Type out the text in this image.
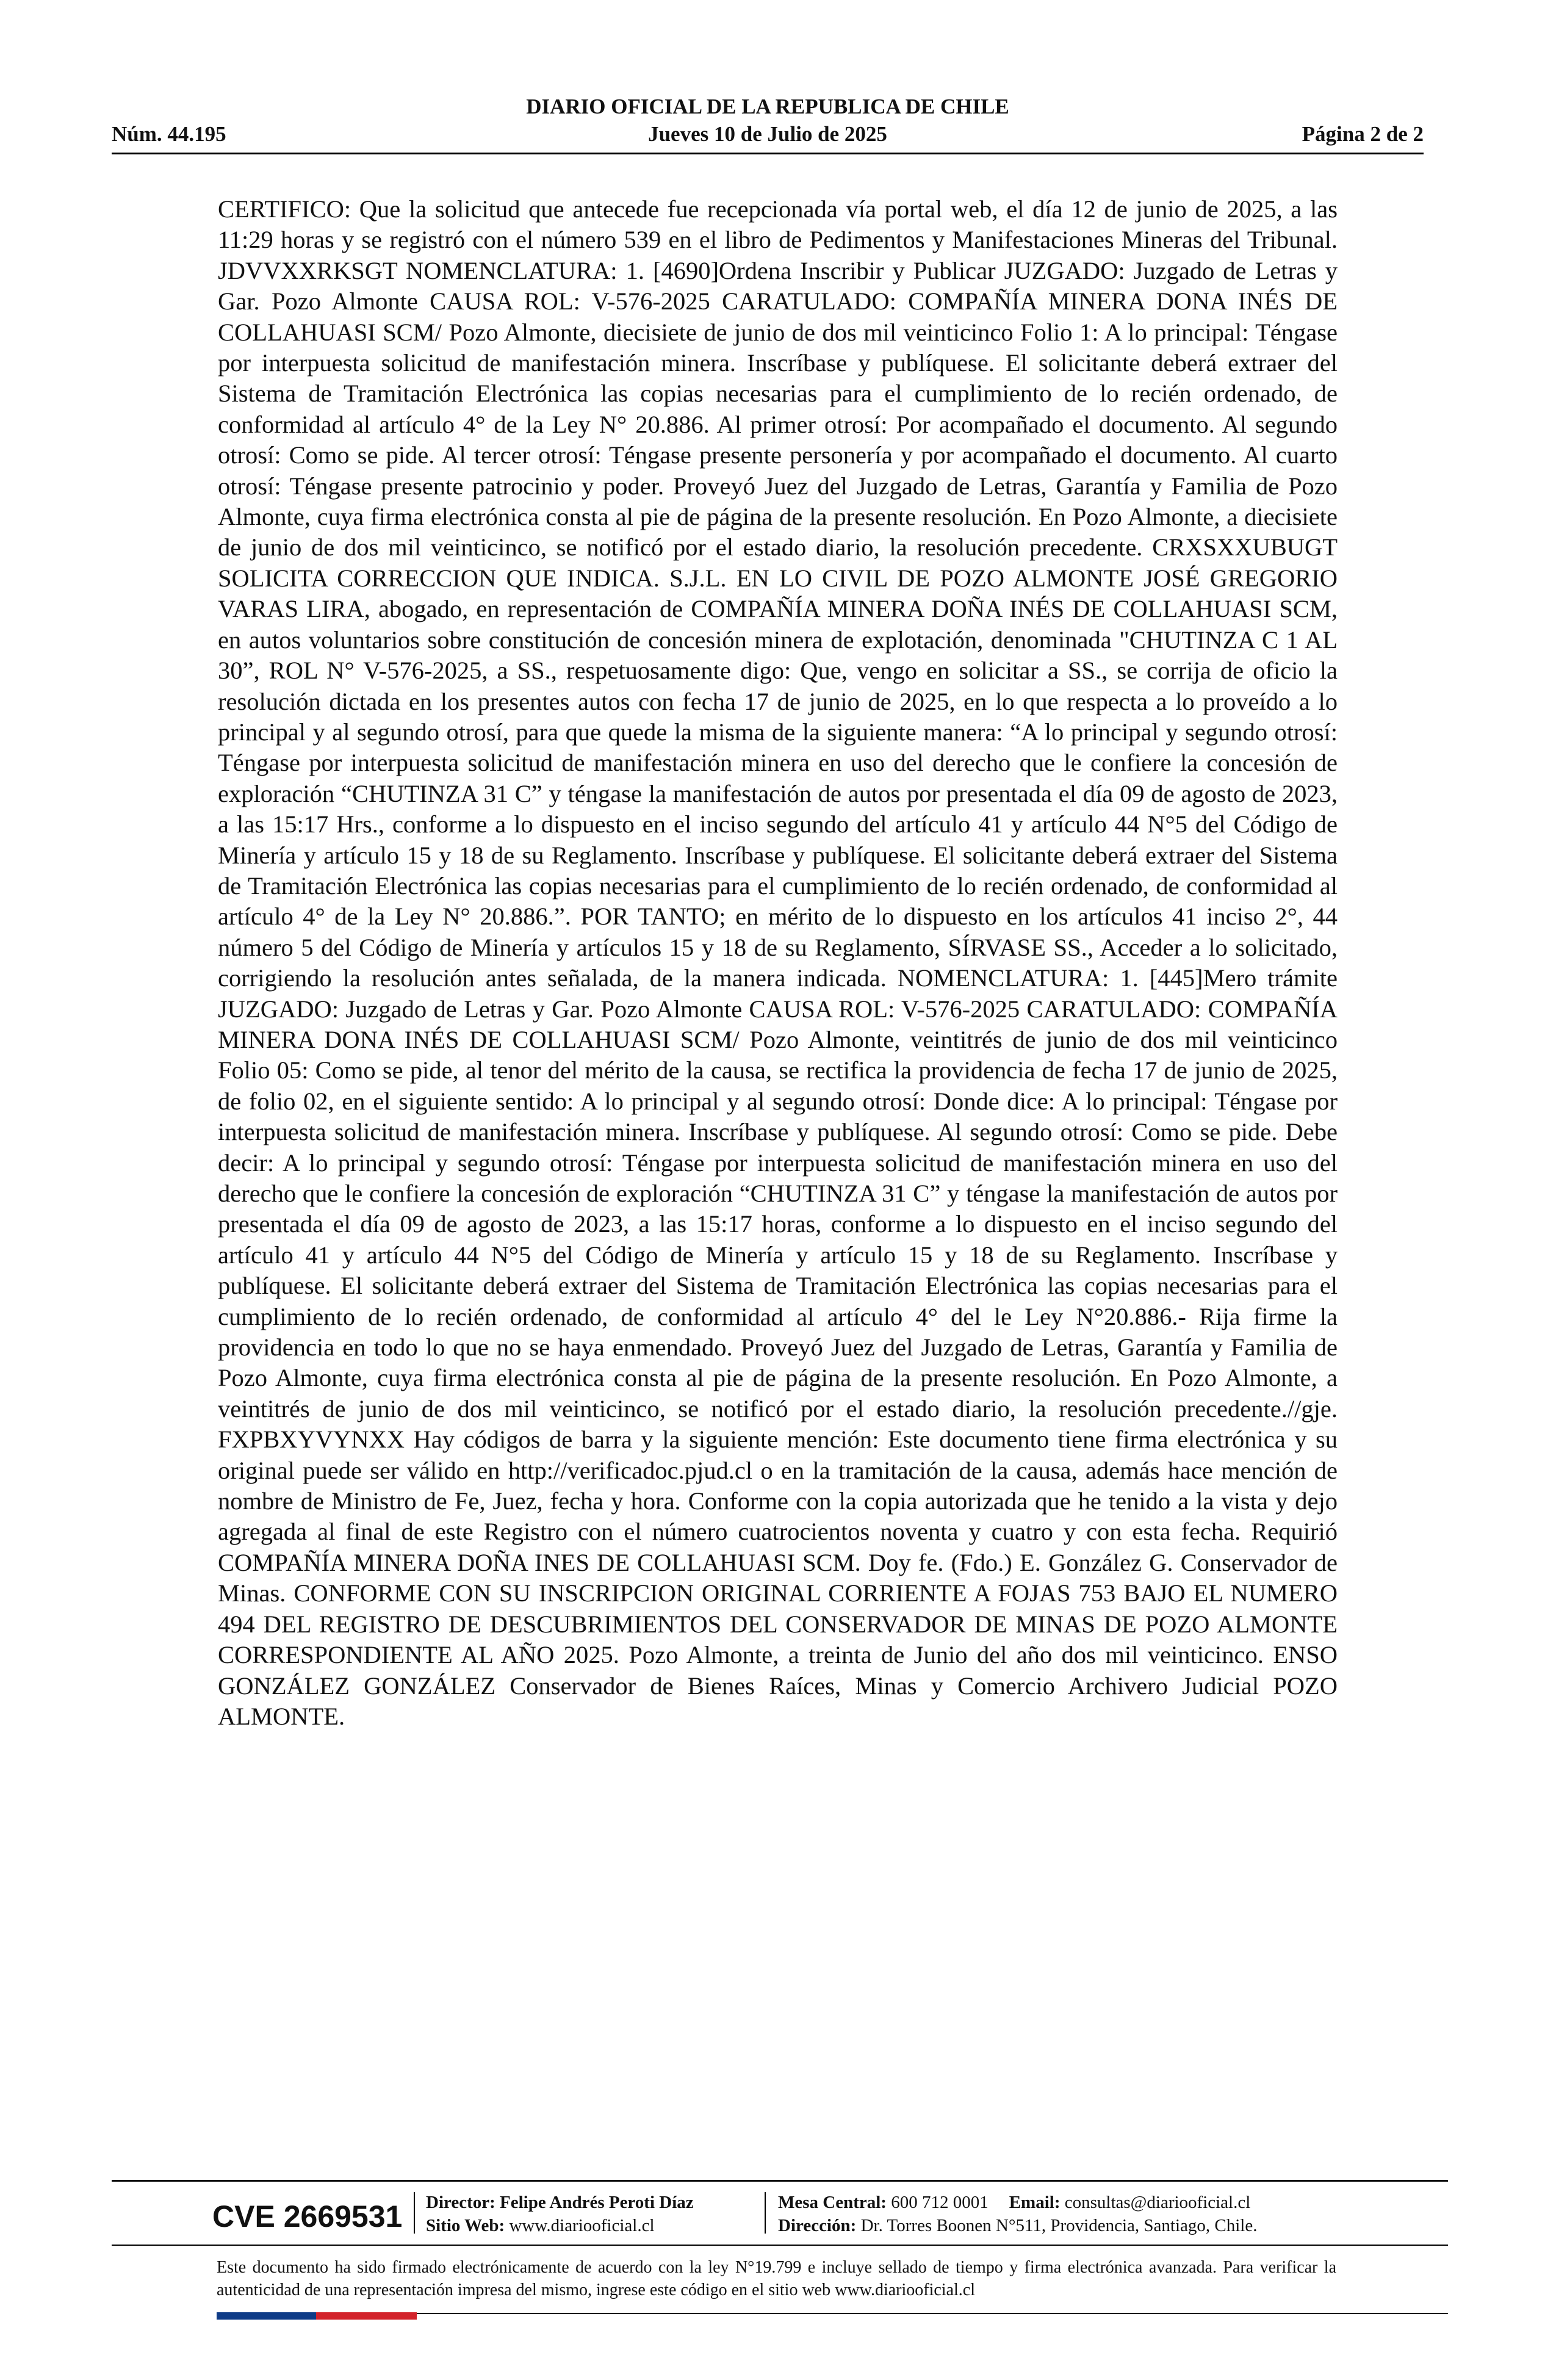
DIARIO OFICIAL DE LA REPUBLICA DE CHILE
Núm. 44.195	Jueves 10 de Julio de 2025	Página 2 de 2

CERTIFICO: Que la solicitud que antecede fue recepcionada vía portal web, el día 12 de junio de 2025, a las 11:29 horas y se registró con el número 539 en el libro de Pedimentos y Manifestaciones Mineras del Tribunal. JDVVXXRKSGT NOMENCLATURA: 1. [4690]Ordena Inscribir y Publicar JUZGADO: Juzgado de Letras y Gar. Pozo Almonte CAUSA ROL: V-576-2025 CARATULADO: COMPAÑÍA MINERA DONA INÉS DE COLLAHUASI SCM/ Pozo Almonte, diecisiete de junio de dos mil veinticinco Folio 1: A lo principal: Téngase por interpuesta solicitud de manifestación minera. Inscríbase y publíquese. El solicitante deberá extraer del Sistema de Tramitación Electrónica las copias necesarias para el cumplimiento de lo recién ordenado, de conformidad al artículo 4° de la Ley N° 20.886. Al primer otrosí: Por acompañado el documento. Al segundo otrosí: Como se pide. Al tercer otrosí: Téngase presente personería y por acompañado el documento. Al cuarto otrosí: Téngase presente patrocinio y poder. Proveyó Juez del Juzgado de Letras, Garantía y Familia de Pozo Almonte, cuya firma electrónica consta al pie de página de la presente resolución. En Pozo Almonte, a diecisiete de junio de dos mil veinticinco, se notificó por el estado diario, la resolución precedente. CRXSXXUBUGT SOLICITA CORRECCION QUE INDICA. S.J.L. EN LO CIVIL DE POZO ALMONTE JOSÉ GREGORIO VARAS LIRA, abogado, en representación de COMPAÑÍA MINERA DOÑA INÉS DE COLLAHUASI SCM, en autos voluntarios sobre constitución de concesión minera de explotación, denominada "CHUTINZA C 1 AL 30”, ROL N° V-576-2025, a SS., respetuosamente digo: Que, vengo en solicitar a SS., se corrija de oficio la resolución dictada en los presentes autos con fecha 17 de junio de 2025, en lo que respecta a lo proveído a lo principal y al segundo otrosí, para que quede la misma de la siguiente manera: “A lo principal y segundo otrosí: Téngase por interpuesta solicitud de manifestación minera en uso del derecho que le confiere la concesión de exploración “CHUTINZA 31 C” y téngase la manifestación de autos por presentada el día 09 de agosto de 2023, a las 15:17 Hrs., conforme a lo dispuesto en el inciso segundo del artículo 41 y artículo 44 N°5 del Código de Minería y artículo 15 y 18 de su Reglamento. Inscríbase y publíquese. El solicitante deberá extraer del Sistema de Tramitación Electrónica las copias necesarias para el cumplimiento de lo recién ordenado, de conformidad al artículo 4° de la Ley N° 20.886.”. POR TANTO; en mérito de lo dispuesto en los artículos 41 inciso 2°, 44 número 5 del Código de Minería y artículos 15 y 18 de su Reglamento, SÍRVASE SS., Acceder a lo solicitado, corrigiendo la resolución antes señalada, de la manera indicada. NOMENCLATURA: 1. [445]Mero trámite JUZGADO: Juzgado de Letras y Gar. Pozo Almonte CAUSA ROL: V-576-2025 CARATULADO: COMPAÑÍA MINERA DONA INÉS DE COLLAHUASI SCM/ Pozo Almonte, veintitrés de junio de dos mil veinticinco Folio 05: Como se pide, al tenor del mérito de la causa, se rectifica la providencia de fecha 17 de junio de 2025, de folio 02, en el siguiente sentido: A lo principal y al segundo otrosí: Donde dice: A lo principal: Téngase por interpuesta solicitud de manifestación minera. Inscríbase y publíquese. Al segundo otrosí: Como se pide. Debe decir: A lo principal y segundo otrosí: Téngase por interpuesta solicitud de manifestación minera en uso del derecho que le confiere la concesión de exploración “CHUTINZA 31 C” y téngase la manifestación de autos por presentada el día 09 de agosto de 2023, a las 15:17 horas, conforme a lo dispuesto en el inciso segundo del artículo 41 y artículo 44 N°5 del Código de Minería y artículo 15 y 18 de su Reglamento. Inscríbase y publíquese. El solicitante deberá extraer del Sistema de Tramitación Electrónica las copias necesarias para el cumplimiento de lo recién ordenado, de conformidad al artículo 4° del le Ley N°20.886.- Rija firme la providencia en todo lo que no se haya enmendado. Proveyó Juez del Juzgado de Letras, Garantía y Familia de Pozo Almonte, cuya firma electrónica consta al pie de página de la presente resolución. En Pozo Almonte, a veintitrés de junio de dos mil veinticinco, se notificó por el estado diario, la resolución precedente.//gje. FXPBXYVYNXX Hay códigos de barra y la siguiente mención: Este documento tiene firma electrónica y su original puede ser válido en http://verificadoc.pjud.cl o en la tramitación de la causa, además hace mención de nombre de Ministro de Fe, Juez, fecha y hora. Conforme con la copia autorizada que he tenido a la vista y dejo agregada al final de este Registro con el número cuatrocientos noventa y cuatro y con esta fecha. Requirió COMPAÑÍA MINERA DOÑA INES DE COLLAHUASI SCM. Doy fe. (Fdo.) E. González G. Conservador de Minas. CONFORME CON SU INSCRIPCION ORIGINAL CORRIENTE A FOJAS 753 BAJO EL NUMERO 494 DEL REGISTRO DE DESCUBRIMIENTOS DEL CONSERVADOR DE MINAS DE POZO ALMONTE CORRESPONDIENTE AL AÑO 2025. Pozo Almonte, a treinta de Junio del año dos mil veinticinco. ENSO GONZÁLEZ GONZÁLEZ Conservador de Bienes Raíces, Minas y Comercio Archivero Judicial POZO ALMONTE.

CVE 2669531 Director: Felipe Andrés Peroti Díaz
Sitio Web: www.diariooficial.cl
Mesa Central: 600 712 0001 Email: consultas@diariooficial.cl
Dirección: Dr. Torres Boonen N°511, Providencia, Santiago, Chile.
Este documento ha sido firmado electrónicamente de acuerdo con la ley N°19.799 e incluye sellado de tiempo y firma electrónica avanzada. Para verificar la autenticidad de una representación impresa del mismo, ingrese este código en el sitio web www.diariooficial.cl
